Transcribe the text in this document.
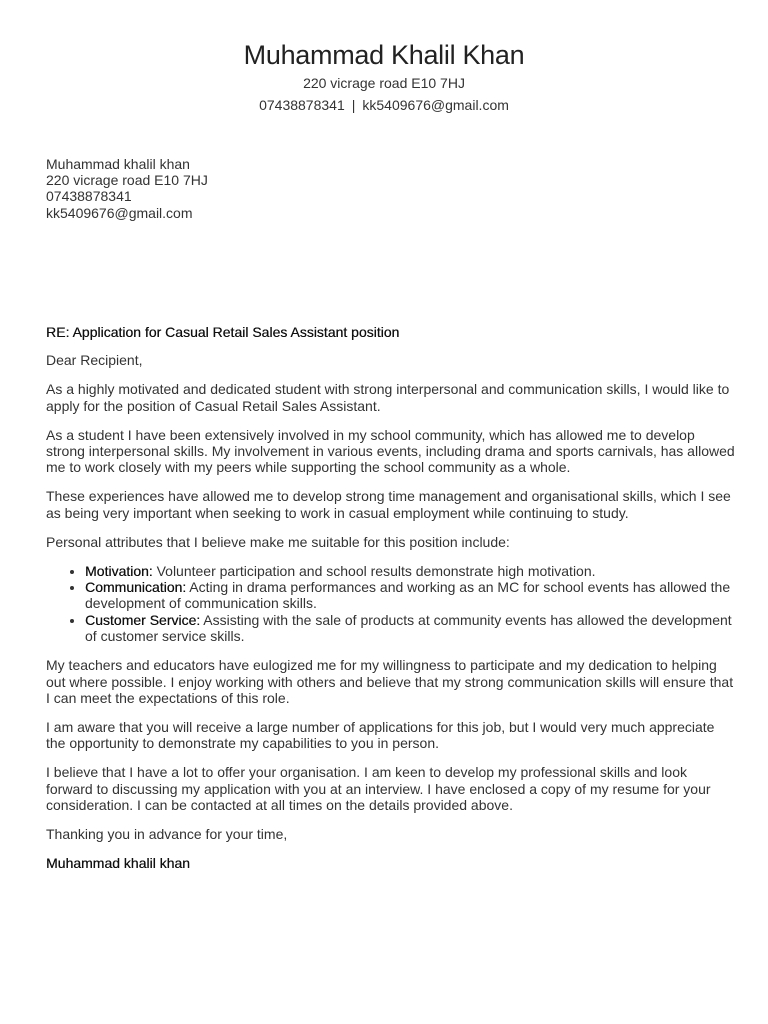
Muhammad Khalil Khan
220 vicrage road E10 7HJ
07438878341 | kk5409676@gmail.com
Muhammad khalil khan
220 vicrage road E10 7HJ
07438878341
kk5409676@gmail.com

RE: Application for Casual Retail Sales Assistant position

Dear Recipient,

As a highly motivated and dedicated student with strong interpersonal and communication skills, I would like to apply for the position of Casual Retail Sales Assistant.

As a student I have been extensively involved in my school community, which has allowed me to develop strong interpersonal skills. My involvement in various events, including drama and sports carnivals, has allowed me to work closely with my peers while supporting the school community as a whole.

These experiences have allowed me to develop strong time management and organisational skills, which I see as being very important when seeking to work in casual employment while continuing to study.

Personal attributes that I believe make me suitable for this position include:

• Motivation: Volunteer participation and school results demonstrate high motivation.
• Communication: Acting in drama performances and working as an MC for school events has allowed the development of communication skills.
• Customer Service: Assisting with the sale of products at community events has allowed the development of customer service skills.

My teachers and educators have eulogized me for my willingness to participate and my dedication to helping out where possible. I enjoy working with others and believe that my strong communication skills will ensure that I can meet the expectations of this role.

I am aware that you will receive a large number of applications for this job, but I would very much appreciate the opportunity to demonstrate my capabilities to you in person.

I believe that I have a lot to offer your organisation. I am keen to develop my professional skills and look forward to discussing my application with you at an interview. I have enclosed a copy of my resume for your consideration. I can be contacted at all times on the details provided above.

Thanking you in advance for your time,

Muhammad khalil khan
